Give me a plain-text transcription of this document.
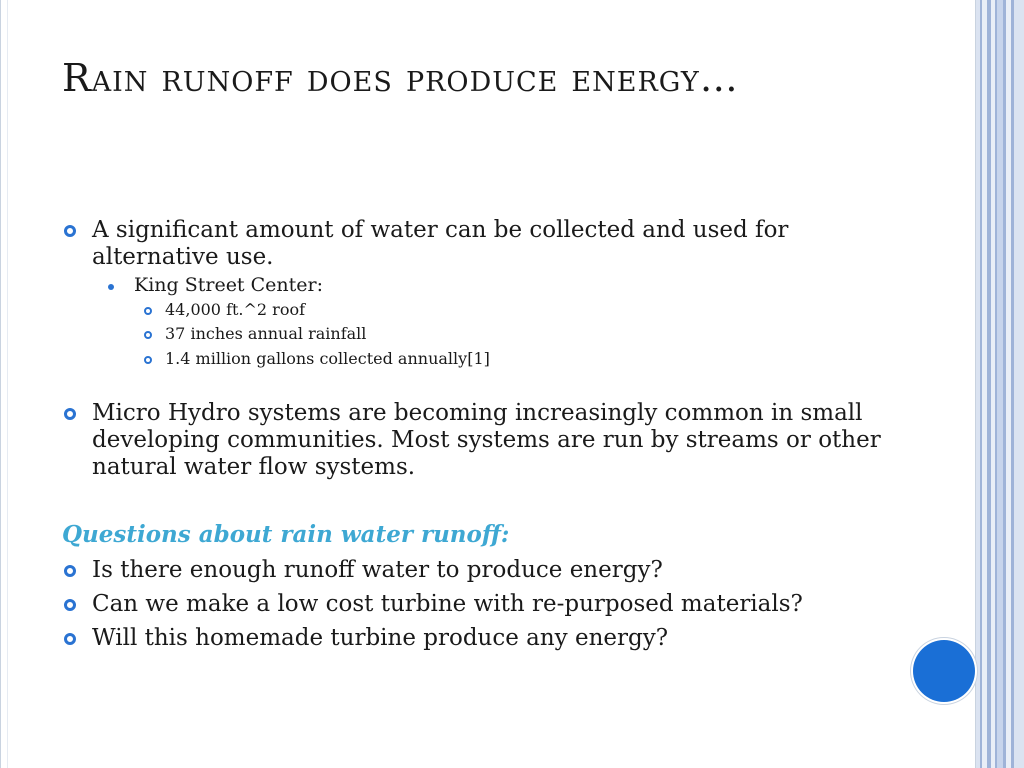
Rain runoff does produce energy…
A significant amount of water can be collected and used for alternative use.
King Street Center:
44,000 ft.^2 roof
37 inches annual rainfall
1.4 million gallons collected annually[1]
Micro Hydro systems are becoming increasingly common in small developing communities. Most systems are run by streams or other natural water flow systems.
Questions about rain water runoff:
Is there enough runoff water to produce energy?
Can we make a low cost turbine with re-purposed materials?
Will this homemade turbine produce any energy?
